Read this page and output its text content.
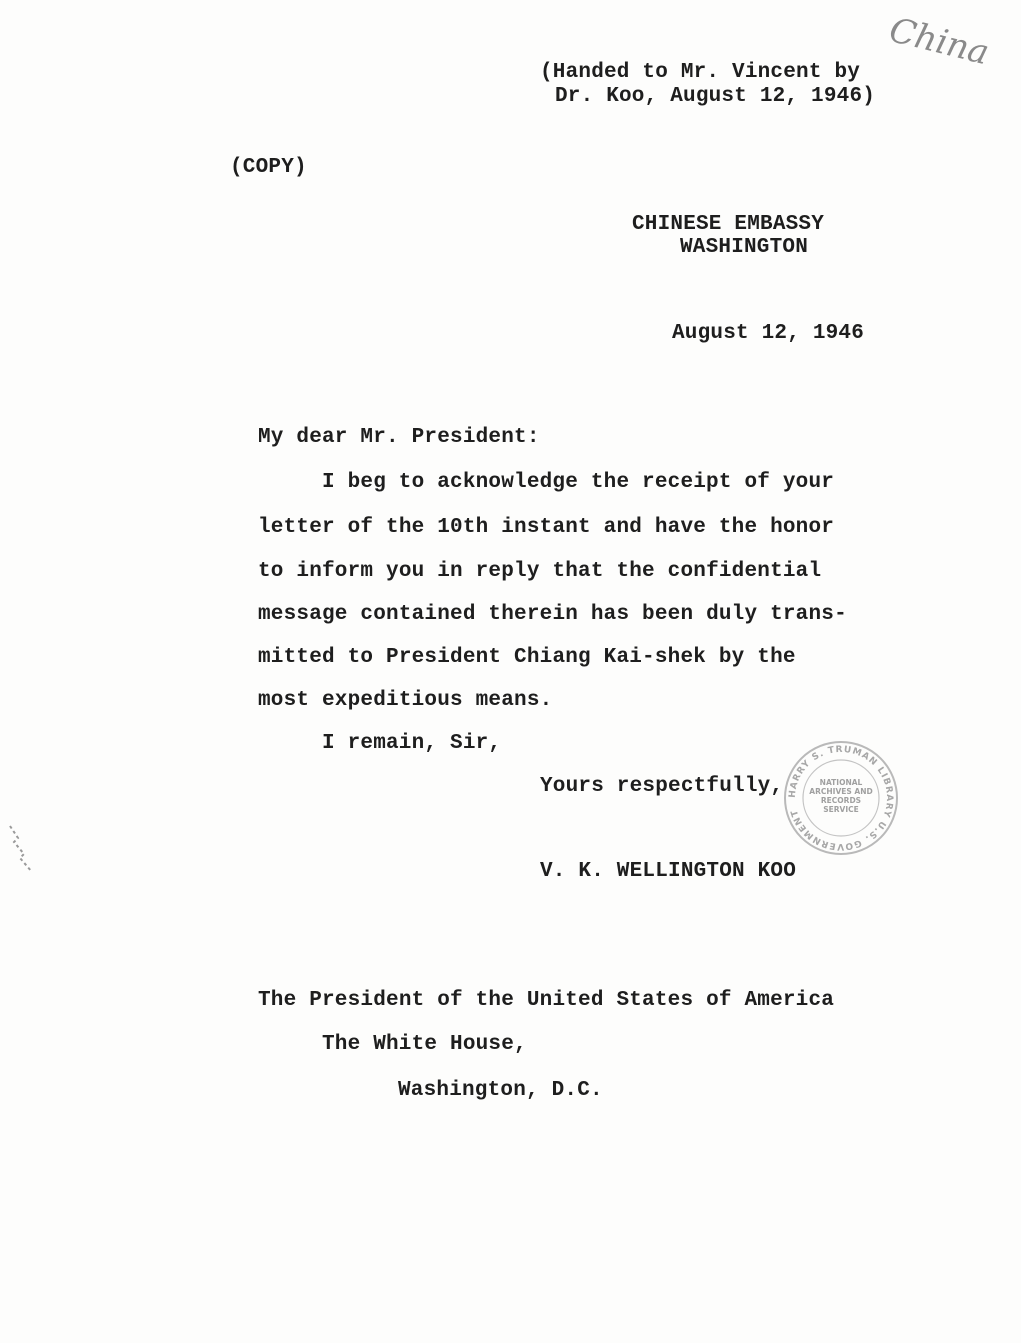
China
(Handed to Mr. Vincent by
Dr. Koo, August 12, 1946)
(COPY)
CHINESE EMBASSY
WASHINGTON
August 12, 1946
My dear Mr. President:
I beg to acknowledge the receipt of your
letter of the 10th instant and have the honor
to inform you in reply that the confidential
message contained therein has been duly trans-
mitted to President Chiang Kai-shek by the
most expeditious means.
I remain, Sir,
Yours respectfully,
V. K. WELLINGTON KOO
The President of the United States of America
The White House,
Washington, D.C.
HARRY S. TRUMAN LIBRARY U.S. GOVERNMENT
NATIONAL ARCHIVES AND RECORDS SERVICE
